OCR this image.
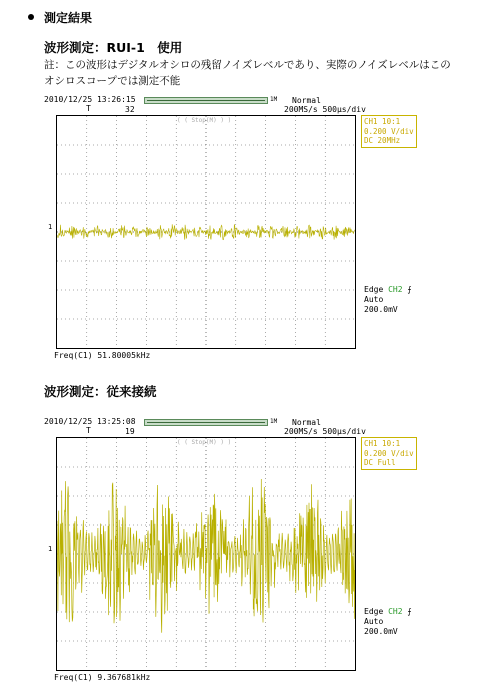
測定結果
波形測定：RUI-1　使用
註：この波形はデジタルオシロの残留ノイズレベルであり、実際のノイズレベルはこのオシロスコープでは測定不能
2010/12/25 13:26:15
T	32
1M Normal
200MS/s 500μs/div
( ( Stop(M) ) )
1
CH1 10:1
0.200 V/div
DC 20MHz
Edge CH2 ⨍
Auto
200.0mV
Freq(C1) 51.80005kHz
波形測定：従来接続
2010/12/25 13:25:08
T	19
1M Normal
200MS/s 500μs/div
( ( Stop(M) ) )
1
CH1 10:1
0.200 V/div
DC Full
Edge CH2 ⨍
Auto
200.0mV
Freq(C1) 9.367681kHz
